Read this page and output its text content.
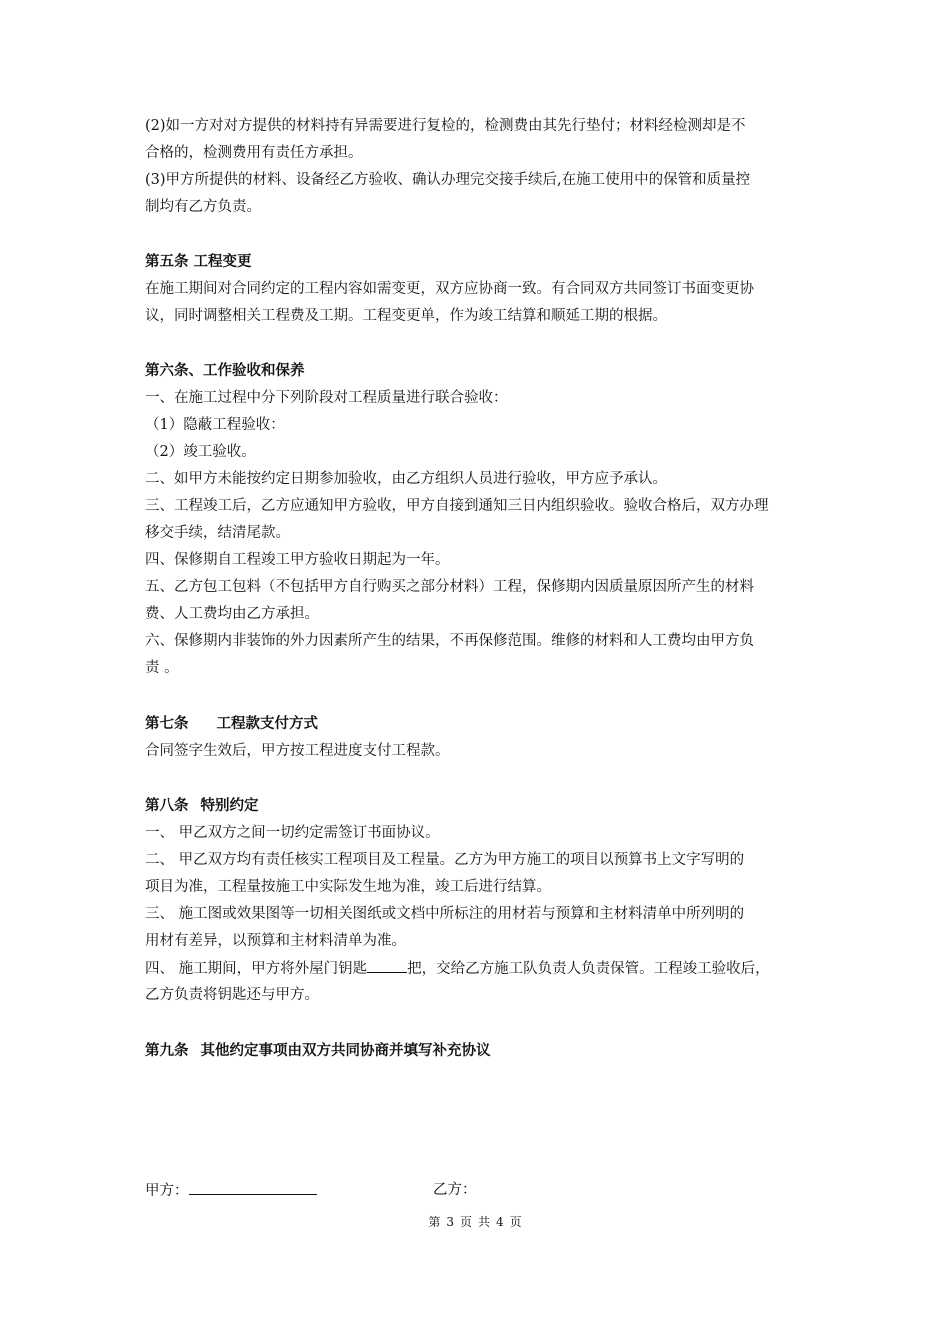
(2)如一方对对方提供的材料持有异需要进行复检的，检测费由其先行垫付；材料经检测却是不
合格的，检测费用有责任方承担。
(3)甲方所提供的材料、设备经乙方验收、确认办理完交接手续后,在施工使用中的保管和质量控
制均有乙方负责。
第五条 工程变更
在施工期间对合同约定的工程内容如需变更，双方应协商一致。有合同双方共同签订书面变更协
议，同时调整相关工程费及工期。工程变更单，作为竣工结算和顺延工期的根据。
第六条、工作验收和保养
一、在施工过程中分下列阶段对工程质量进行联合验收：
（1）隐蔽工程验收：
（2）竣工验收。
二、如甲方未能按约定日期参加验收，由乙方组织人员进行验收，甲方应予承认。
三、工程竣工后，乙方应通知甲方验收，甲方自接到通知三日内组织验收。验收合格后，双方办理
移交手续，结清尾款。
四、保修期自工程竣工甲方验收日期起为一年。
五、乙方包工包料（不包括甲方自行购买之部分材料）工程，保修期内因质量原因所产生的材料
费、人工费均由乙方承担。
六、保修期内非装饰的外力因素所产生的结果，不再保修范围。维修的材料和人工费均由甲方负
责 。
第七条 工程款支付方式
合同签字生效后，甲方按工程进度支付工程款。
第八条 特别约定
一、 甲乙双方之间一切约定需签订书面协议。
二、 甲乙双方均有责任核实工程项目及工程量。乙方为甲方施工的项目以预算书上文字写明的
项目为准，工程量按施工中实际发生地为准，竣工后进行结算。
三、 施工图或效果图等一切相关图纸或文档中所标注的用材若与预算和主材料清单中所列明的
用材有差异，以预算和主材料清单为准。
四、 施工期间，甲方将外屋门钥匙	把，交给乙方施工队负责人负责保管。工程竣工验收后，
乙方负责将钥匙还与甲方。
第九条 其他约定事项由双方共同协商并填写补充协议
甲方：	乙方：
第 3 页 共 4 页
